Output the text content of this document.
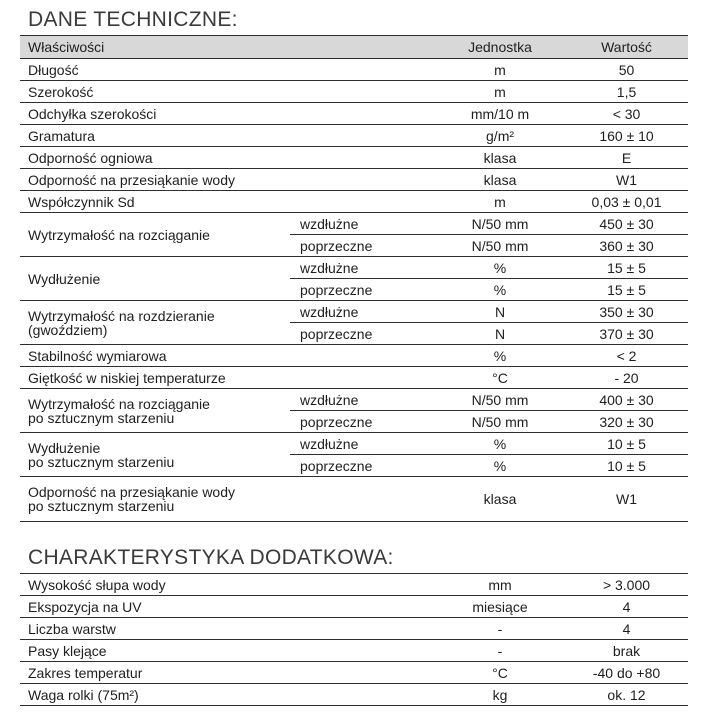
DANE TECHNICZNE:
Właściwości		Jednostka	Wartość
Długość		m	50
Szerokość		m	1,5
Odchyłka szerokości		mm/10 m	< 30
Gramatura		g/m²	160 ± 10
Odporność ogniowa		klasa	E
Odporność na przesiąkanie wody		klasa	W1
Współczynnik Sd		m	0,03 ± 0,01
Wytrzymałość na rozciąganie	wzdłużne	N/50 mm	450 ± 30
	poprzeczne	N/50 mm	360 ± 30
Wydłużenie	wzdłużne	%	15 ± 5
	poprzeczne	%	15 ± 5

Wytrzymałość na rozdzieranie
(gwoździem)	wzdłużne	N	350 ± 30
	poprzeczne	N	370 ± 30
Stabilność wymiarowa		%	< 2
Giętkość w niskiej temperaturze		°C	- 20

Wytrzymałość na rozciąganie
po sztucznym starzeniu	wzdłużne	N/50 mm	400 ± 30
	poprzeczne	N/50 mm	320 ± 30

Wydłużenie
po sztucznym starzeniu	wzdłużne	%	10 ± 5
	poprzeczne	%	10 ± 5

Odporność na przesiąkanie wody
po sztucznym starzeniu		klasa	W1
CHARAKTERYSTYKA DODATKOWA:
Wysokość słupa wody	mm	> 3.000
Ekspozycja na UV	miesiące	4
Liczba warstw	-	4
Pasy klejące	-	brak
Zakres temperatur	°C	-40 do +80
Waga rolki (75m²)	kg	ok. 12
